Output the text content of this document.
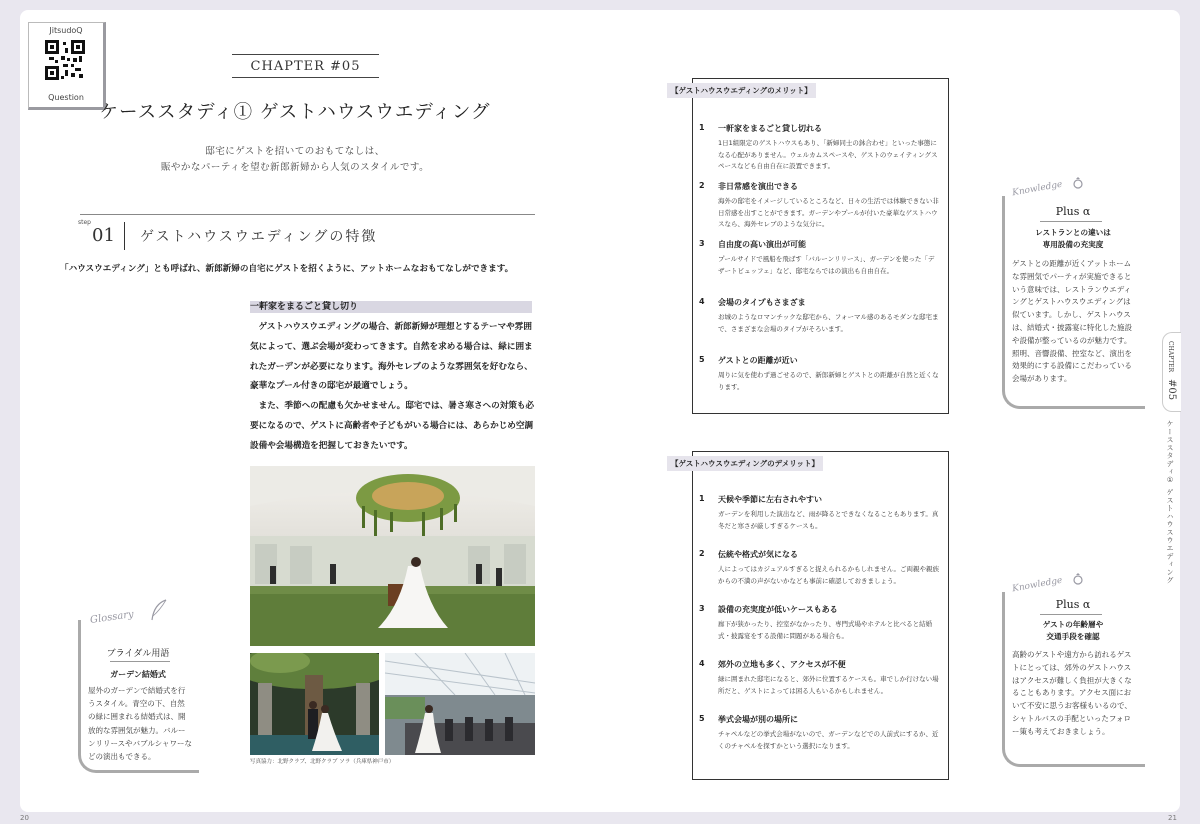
JitsudoQ
Question
CHAPTER #05
ケーススタディ① ゲストハウスウエディング
邸宅にゲストを招いてのおもてなしは、
賑やかなパーティを望む新郎新婦から人気のスタイルです。
step
01 ゲストハウスウエディングの特徴
「ハウスウエディング」とも呼ばれ、新郎新婦の自宅にゲストを招くように、アットホームなおもてなしができます。
一軒家をまるごと貸し切り
ゲストハウスウエディングの場合、新郎新婦が理想とするテーマや雰囲気によって、選ぶ会場が変わってきます。自然を求める場合は、緑に囲まれたガーデンが必要になります。海外セレブのような雰囲気を好むなら、豪華なプール付きの邸宅が最適でしょう。
また、季節への配慮も欠かせません。邸宅では、暑さ寒さへの対策も必要になるので、ゲストに高齢者や子どもがいる場合には、あらかじめ空調設備や会場構造を把握しておきたいです。
写真協力：北野クラブ、北野クラブ ソラ（兵庫県神戸市）
Glossary
ブライダル用語
ガーデン結婚式

屋外のガーデンで結婚式を行うスタイル。青空の下、自然の緑に囲まれる結婚式は、開放的な雰囲気が魅力。バルーンリリースやバブルシャワーなどの演出もできる。

【ゲストハウスウエディングのメリット】
1 一軒家をまるごと貸し切れる

1日1組限定のゲストハウスもあり、「新婦同士の鉢合わせ」といった事態になる心配がありません。ウェルカムスペースや、ゲストのウェイティングスペースなども自由自在に設置できます。

2 非日常感を演出できる

海外の邸宅をイメージしているところなど、日々の生活では体験できない非日常感を出すことができます。ガーデンやプールが付いた豪華なゲストハウスなら、海外セレブのような気分に。

3 自由度の高い演出が可能

プールサイドで風船を飛ばす「バルーンリリース」、ガーデンを使った「デザートビュッフェ」など、邸宅ならではの演出も自由自在。

4 会場のタイプもさまざま

お城のようなロマンチックな邸宅から、フォーマル感のあるモダンな邸宅まで、さまざまな会場のタイプがそろいます。

5 ゲストとの距離が近い

周りに気を使わず過ごせるので、新郎新婦とゲストとの距離が自然と近くなります。

【ゲストハウスウエディングのデメリット】
1 天候や季節に左右されやすい

ガーデンを利用した演出など、雨が降るとできなくなることもあります。真冬だと寒さが厳しすぎるケースも。

2 伝統や格式が気になる

人によってはカジュアルすぎると捉えられるかもしれません。ご両親や親族からの不満の声がないかなども事前に確認しておきましょう。

3 設備の充実度が低いケースもある

廊下が狭かったり、控室がなかったり、専門式場やホテルと比べると結婚式・披露宴をする設備に問題がある場合も。

4 郊外の立地も多く、アクセスが不便

緑に囲まれた邸宅になると、郊外に位置するケースも。車でしか行けない場所だと、ゲストによっては困る人もいるかもしれません。

5 挙式会場が別の場所に

チャペルなどの挙式会場がないので、ガーデンなどでの人前式にするか、近くのチャペルを探すかという選択になります。

Knowledge
Plus α
レストランとの違いは
専用設備の充実度

ゲストとの距離が近くアットホームな雰囲気でパーティが実施できるという意味では、レストランウエディングとゲストハウスウエディングは似ています。しかし、ゲストハウスは、結婚式・披露宴に特化した施設や設備が整っているのが魅力です。照明、音響設備、控室など、演出を効果的にする設備にこだわっている会場があります。

Knowledge
Plus α
ゲストの年齢層や
交通手段を確認

高齢のゲストや遠方から訪れるゲストにとっては、郊外のゲストハウスはアクセスが難しく負担が大きくなることもあります。アクセス面において不安に思うお客様もいるので、シャトルバスの手配といったフォロー策も考えておきましょう。

CHAPTER
#05
ケーススタディ① ゲストハウスウエディング
20	21
